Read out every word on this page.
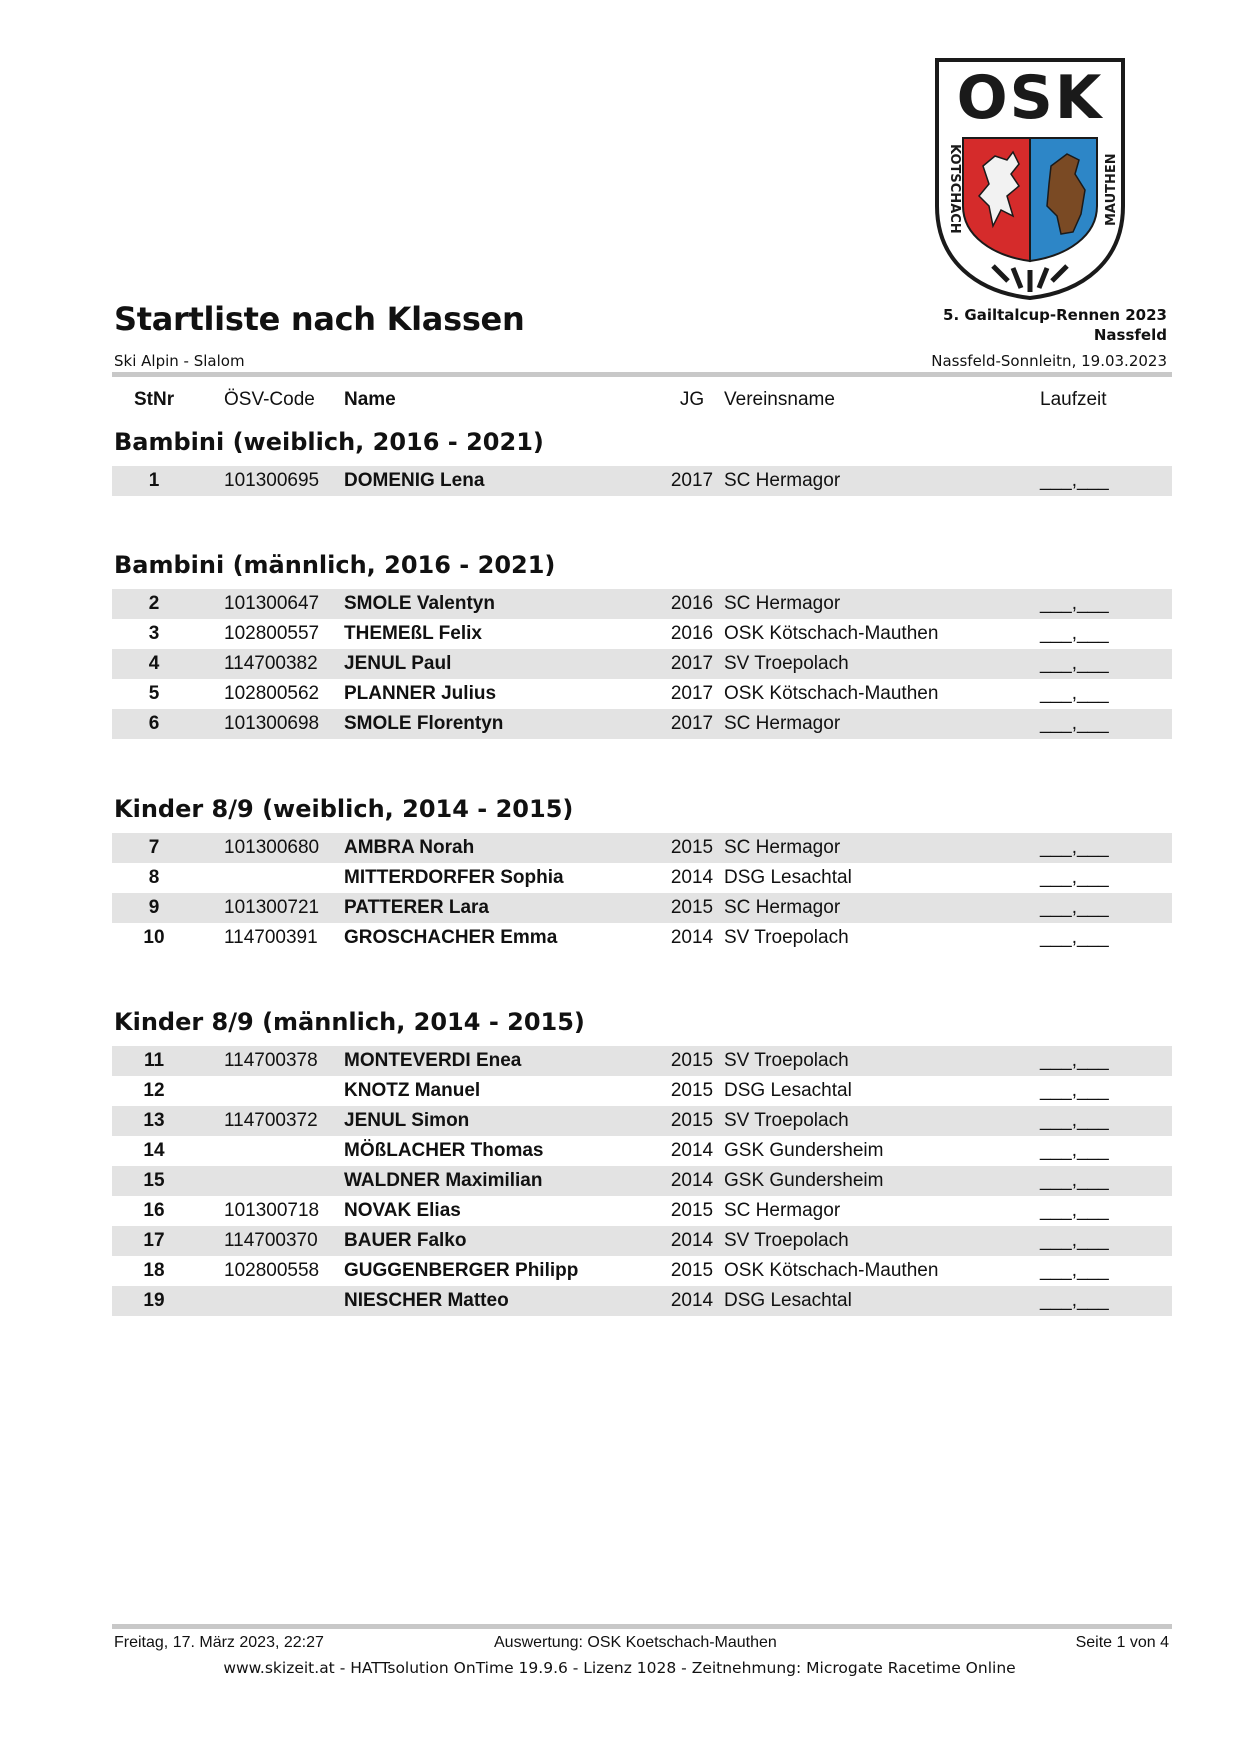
OSK
KÖTSCHACH	MAUTHEN
Startliste nach Klassen
Ski Alpin - Slalom
5. Gailtalcup-Rennen 2023
Nassfeld
Nassfeld-Sonnleitn, 19.03.2023
StNr	ÖSV-Code Name	JG	Vereinsname	Laufzeit
Bambini (weiblich, 2016 - 2021)
1	101300695 DOMENIG Lena	2017 SC Hermagor	___,___
Bambini (männlich, 2016 - 2021)
2	101300647 SMOLE Valentyn	2016 SC Hermagor	___,___
3	102800557 THEMEßL Felix	2016 OSK Kötschach-Mauthen	___,___
4	114700382 JENUL Paul	2017 SV Troepolach	___,___
5	102800562 PLANNER Julius	2017 OSK Kötschach-Mauthen	___,___
6	101300698 SMOLE Florentyn	2017 SC Hermagor	___,___
Kinder 8/9 (weiblich, 2014 - 2015)
7	101300680 AMBRA Norah	2015 SC Hermagor	___,___
8	MITTERDORFER Sophia	2014 DSG Lesachtal	___,___
9	101300721 PATTERER Lara	2015 SC Hermagor	___,___
10	114700391 GROSCHACHER Emma	2014 SV Troepolach	___,___
Kinder 8/9 (männlich, 2014 - 2015)
11	114700378 MONTEVERDI Enea	2015 SV Troepolach	___,___
12	KNOTZ Manuel	2015 DSG Lesachtal	___,___
13	114700372 JENUL Simon	2015 SV Troepolach	___,___
14	MÖßLACHER Thomas	2014 GSK Gundersheim	___,___
15	WALDNER Maximilian	2014 GSK Gundersheim	___,___
16	101300718 NOVAK Elias	2015 SC Hermagor	___,___
17	114700370 BAUER Falko	2014 SV Troepolach	___,___
18	102800558 GUGGENBERGER Philipp	2015 OSK Kötschach-Mauthen	___,___
19	NIESCHER Matteo	2014 DSG Lesachtal	___,___
Freitag, 17. März 2023, 22:27	Auswertung: OSK Koetschach-Mauthen	Seite 1 von 4
www.skizeit.at - HATTsolution OnTime 19.9.6 - Lizenz 1028 - Zeitnehmung: Microgate Racetime Online
